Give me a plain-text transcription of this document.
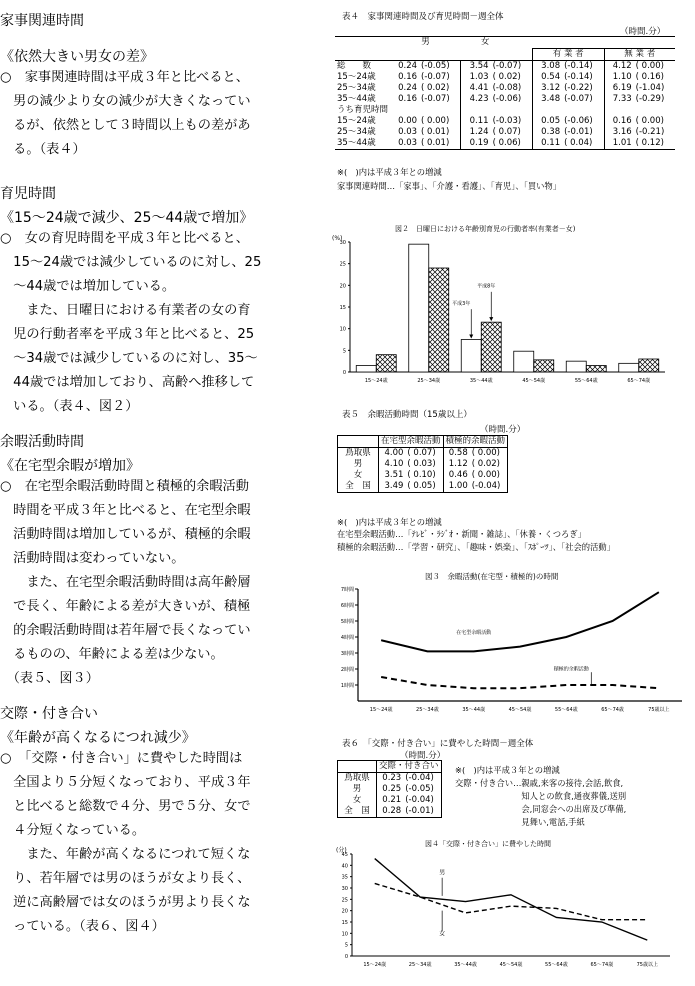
家事関連時間
《依然大きい男女の差》
○　家事関連時間は平成３年と比べると、
　男の減少より女の減少が大きくなってい
　るが、依然として３時間以上もの差があ
　る。（表４）
育児時間
《15～24歳で減少、25～44歳で増加》
○　女の育児時間を平成３年と比べると、
　15～24歳では減少しているのに対し、25
　～44歳では増加している。
　　また、日曜日における有業者の女の育
　児の行動者率を平成３年と比べると、25
　～34歳では減少しているのに対し、35～
　44歳では増加しており、高齢へ推移して
　いる。（表４、図２）
余暇活動時間
《在宅型余暇が増加》
○　在宅型余暇活動時間と積極的余暇活動
　時間を平成３年と比べると、在宅型余暇
　活動時間は増加しているが、積極的余暇
　活動時間は変わっていない。
　　また、在宅型余暇活動時間は高年齢層
　で長く、年齢による差が大きいが、積極
　的余暇活動時間は若年層で長くなってい
　るものの、年齢による差は少ない。
　（表５、図３）
交際・付き合い
《年齢が高くなるにつれ減少》
○　「交際・付き合い」に費やした時間は
　全国より５分短くなっており、平成３年
　と比べると総数で４分、男で５分、女で
　４分短くなっている。
　　また、年齢が高くなるにつれて短くな
　り、若年層では男のほうが女より長く、
　逆に高齢層では女のほうが男より長くな
　っている。（表６、図４）
表４　家事関連時間及び育児時間－週全体
（時間.分）
	男		女					
					有 業 者		無 業 者	
総　　数	0.24	(-0.05)	3.54	(-0.07)	3.08	(-0.14)	4.12	( 0.00)
15～24歳	0.16	(-0.07)	1.03	( 0.02)	0.54	(-0.14)	1.10	( 0.16)
25～34歳	0.24	( 0.02)	4.41	(-0.08)	3.12	(-0.22)	6.19	(-1.04)
35～44歳	0.16	(-0.07)	4.23	(-0.06)	3.48	(-0.07)	7.33	(-0.29)
うち育児時間								
15～24歳	0.00	( 0.00)	0.11	(-0.03)	0.05	(-0.06)	0.16	( 0.00)
25～34歳	0.03	( 0.01)	1.24	( 0.07)	0.38	(-0.01)	3.16	(-0.21)
35～44歳	0.03	( 0.01)	0.19	( 0.06)	0.11	( 0.04)	1.01	( 0.12)
※(　)内は平成３年との増減
家事関連時間…「家事」、「介護・看護」、「育児」、「買い物」
図２　日曜日における年齢別育児の行動者率(有業者－女)
(%)
0
5
10
15
20
25
30
15～24歳	25～34歳	35～44歳	45～54歳	55～64歳	65～74歳
平成3年
平成8年
表５　余暇活動時間（15歳以上）
（時間.分）
	在宅型余暇活動		積極的余暇活動	
鳥取県	4.00	( 0.07)	0.58	( 0.00)
男	4.10	( 0.03)	1.12	( 0.02)
女	3.51	( 0.10)	0.46	( 0.00)
全　国	3.49	( 0.05)	1.00	(-0.04)
※(　)内は平成３年との増減
在宅型余暇活動…「ﾃﾚﾋﾞ・ﾗｼﾞｵ・新聞・雑誌」、「休養・くつろぎ」
積極的余暇活動…「学習・研究」、「趣味・娯楽」、「ｽﾎﾟｰﾂ」、「社会的活動」
図３　余暇活動(在宅型・積極的)の時間
1時間
2時間
3時間
4時間
5時間
6時間
7時間
15～24歳	25～34歳	35～44歳	45～54歳	55～64歳	65～74歳	75歳以上
在宅型余暇活動
積極的余暇活動
表６　「交際・付き合い」に費やした時間－週全体
（時間.分）
	交際・付き合い	
鳥取県	0.23	(-0.04)
男	0.25	(-0.05)
女	0.21	(-0.04)
全　国	0.28	(-0.01)
※(　)内は平成３年との増減
交際・付き合い…親戚,来客の接待,会話,飲食,
　　　　　　　　知人との飲食,通夜葬儀,送別
　　　　　　　　会,同窓会への出席及び準備,
　　　　　　　　見舞い,電話,手紙
図４「交際・付き合い」に費やした時間
(分)
0
5
10
15
20
25
30
35
40
45
15～24歳	25～34歳	35～44歳	45～54歳	55～64歳	65～74歳	75歳以上
男
女
